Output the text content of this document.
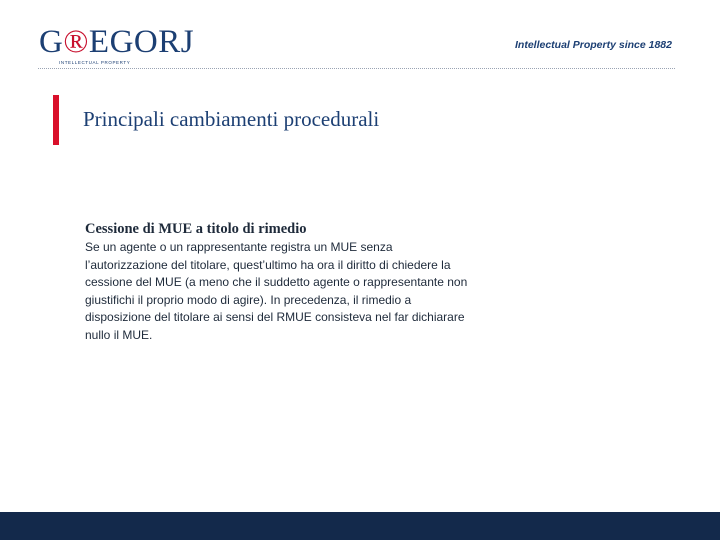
G®EGORJ
INTELLECTUAL PROPERTY
Intellectual Property since 1882
Principali cambiamenti procedurali
Cessione di MUE a titolo di rimedio

Se un agente o un rappresentante registra un MUE senza
l’autorizzazione del titolare, quest’ultimo ha ora il diritto di chiedere la
cessione del MUE (a meno che il suddetto agente o rappresentante non
giustifichi il proprio modo di agire). In precedenza, il rimedio a
disposizione del titolare ai sensi del RMUE consisteva nel far dichiarare
nullo il MUE.
